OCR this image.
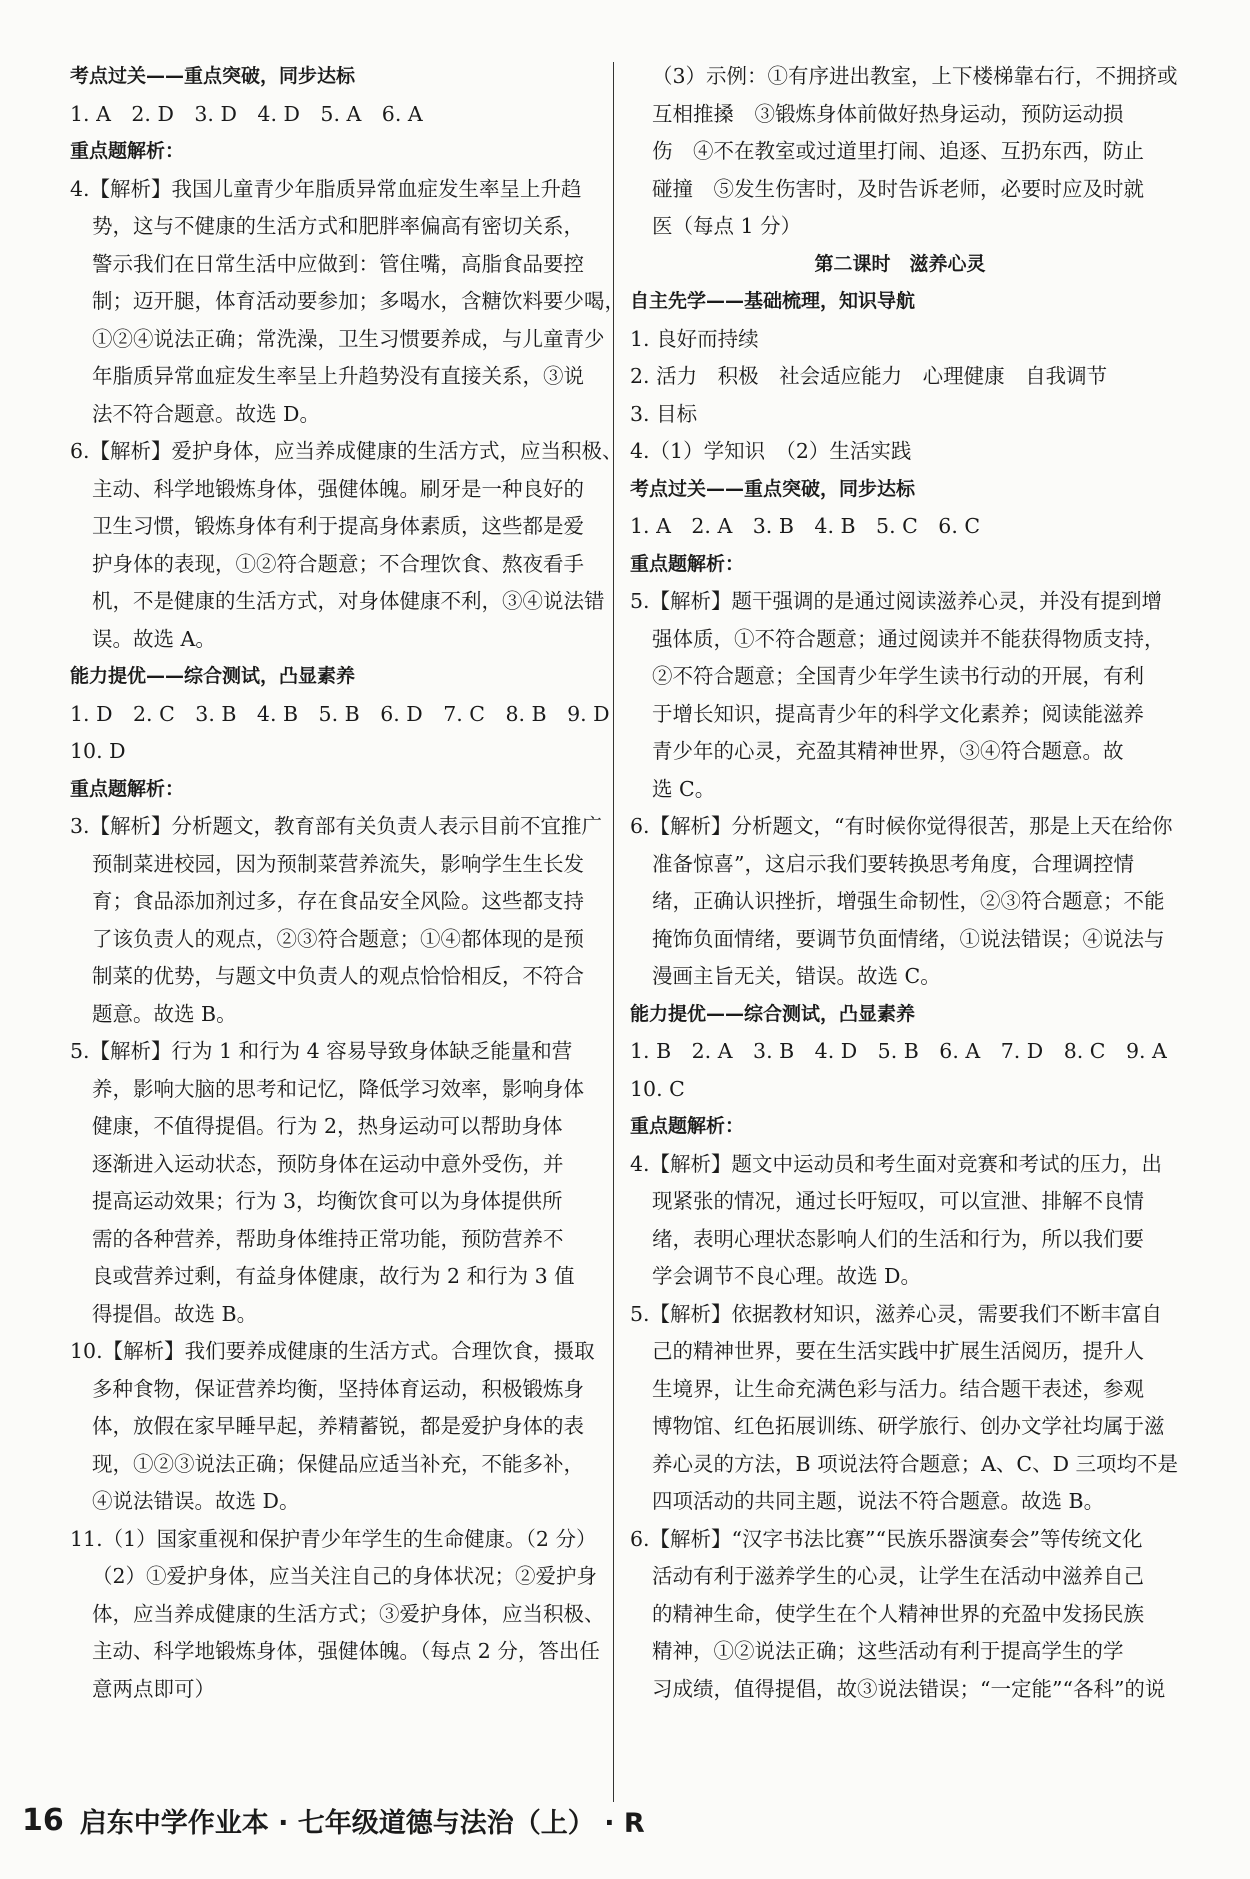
考点过关——重点突破，同步达标

1. A　2. D　3. D　4. D　5. A　6. A

重点题解析：

4.【解析】我国儿童青少年脂质异常血症发生率呈上升趋

势，这与不健康的生活方式和肥胖率偏高有密切关系，

警示我们在日常生活中应做到：管住嘴，高脂食品要控

制；迈开腿，体育活动要参加；多喝水，含糖饮料要少喝，

①②④说法正确；常洗澡，卫生习惯要养成，与儿童青少

年脂质异常血症发生率呈上升趋势没有直接关系，③说

法不符合题意。故选 D。

6.【解析】爱护身体，应当养成健康的生活方式，应当积极、

主动、科学地锻炼身体，强健体魄。刷牙是一种良好的

卫生习惯，锻炼身体有利于提高身体素质，这些都是爱

护身体的表现，①②符合题意；不合理饮食、熬夜看手

机，不是健康的生活方式，对身体健康不利，③④说法错

误。故选 A。

能力提优——综合测试，凸显素养

1. D　2. C　3. B　4. B　5. B　6. D　7. C　8. B　9. D

10. D

重点题解析：

3.【解析】分析题文，教育部有关负责人表示目前不宜推广

预制菜进校园，因为预制菜营养流失，影响学生生长发

育；食品添加剂过多，存在食品安全风险。这些都支持

了该负责人的观点，②③符合题意；①④都体现的是预

制菜的优势，与题文中负责人的观点恰恰相反，不符合

题意。故选 B。

5.【解析】行为 1 和行为 4 容易导致身体缺乏能量和营

养，影响大脑的思考和记忆，降低学习效率，影响身体

健康，不值得提倡。行为 2，热身运动可以帮助身体

逐渐进入运动状态，预防身体在运动中意外受伤，并

提高运动效果；行为 3，均衡饮食可以为身体提供所

需的各种营养，帮助身体维持正常功能，预防营养不

良或营养过剩，有益身体健康，故行为 2 和行为 3 值

得提倡。故选 B。

10.【解析】我们要养成健康的生活方式。合理饮食，摄取

多种食物，保证营养均衡，坚持体育运动，积极锻炼身

体，放假在家早睡早起，养精蓄锐，都是爱护身体的表

现，①②③说法正确；保健品应适当补充，不能多补，

④说法错误。故选 D。

11.（1）国家重视和保护青少年学生的生命健康。（2 分）

（2）①爱护身体，应当关注自己的身体状况；②爱护身

体，应当养成健康的生活方式；③爱护身体，应当积极、

主动、科学地锻炼身体，强健体魄。（每点 2 分，答出任

意两点即可）

（3）示例：①有序进出教室，上下楼梯靠右行，不拥挤或

互相推搡　③锻炼身体前做好热身运动，预防运动损

伤　④不在教室或过道里打闹、追逐、互扔东西，防止

碰撞　⑤发生伤害时，及时告诉老师，必要时应及时就

医（每点 1 分）

第二课时　滋养心灵

自主先学——基础梳理，知识导航

1. 良好而持续

2. 活力　积极　社会适应能力　心理健康　自我调节

3. 目标

4.（1）学知识　（2）生活实践

考点过关——重点突破，同步达标

1. A　2. A　3. B　4. B　5. C　6. C

重点题解析：

5.【解析】题干强调的是通过阅读滋养心灵，并没有提到增

强体质，①不符合题意；通过阅读并不能获得物质支持，

②不符合题意；全国青少年学生读书行动的开展，有利

于增长知识，提高青少年的科学文化素养；阅读能滋养

青少年的心灵，充盈其精神世界，③④符合题意。故

选 C。

6.【解析】分析题文，“有时候你觉得很苦，那是上天在给你

准备惊喜”，这启示我们要转换思考角度，合理调控情

绪，正确认识挫折，增强生命韧性，②③符合题意；不能

掩饰负面情绪，要调节负面情绪，①说法错误；④说法与

漫画主旨无关，错误。故选 C。

能力提优——综合测试，凸显素养

1. B　2. A　3. B　4. D　5. B　6. A　7. D　8. C　9. A

10. C

重点题解析：

4.【解析】题文中运动员和考生面对竞赛和考试的压力，出

现紧张的情况，通过长吁短叹，可以宣泄、排解不良情

绪，表明心理状态影响人们的生活和行为，所以我们要

学会调节不良心理。故选 D。

5.【解析】依据教材知识，滋养心灵，需要我们不断丰富自

己的精神世界，要在生活实践中扩展生活阅历，提升人

生境界，让生命充满色彩与活力。结合题干表述，参观

博物馆、红色拓展训练、研学旅行、创办文学社均属于滋

养心灵的方法，B 项说法符合题意；A、C、D 三项均不是

四项活动的共同主题，说法不符合题意。故选 B。

6.【解析】“汉字书法比赛”“民族乐器演奏会”等传统文化

活动有利于滋养学生的心灵，让学生在活动中滋养自己

的精神生命，使学生在个人精神世界的充盈中发扬民族

精神，①②说法正确；这些活动有利于提高学生的学

习成绩，值得提倡，故③说法错误；“一定能”“各科”的说

16 启东中学作业本 · 七年级道德与法治（上） · R
